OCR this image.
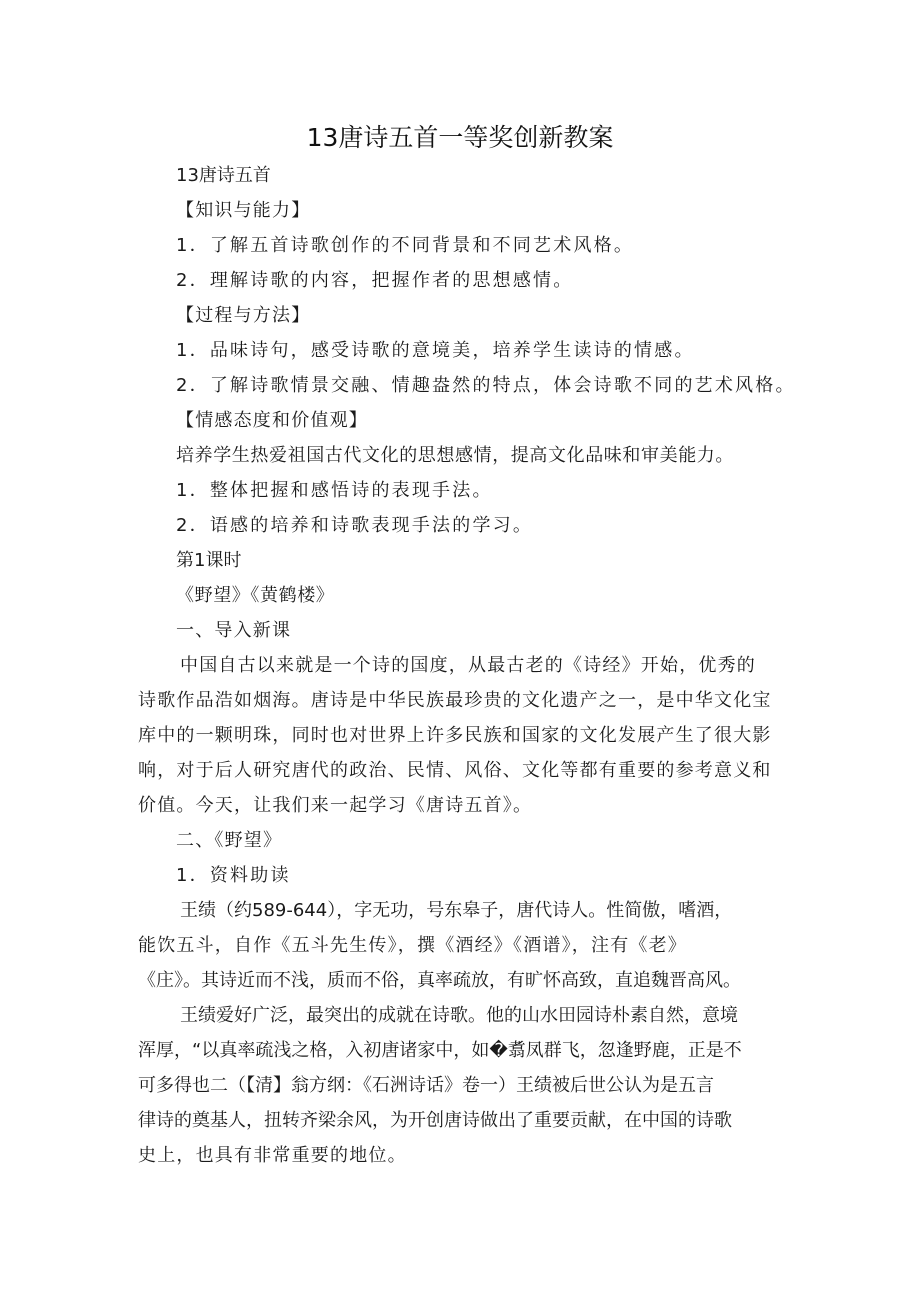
13唐诗五首一等奖创新教案
13唐诗五首
【知识与能力】
1．了解五首诗歌创作的不同背景和不同艺术风格。
2．理解诗歌的内容，把握作者的思想感情。
【过程与方法】
1．品味诗句，感受诗歌的意境美，培养学生读诗的情感。
2．了解诗歌情景交融、情趣盎然的特点，体会诗歌不同的艺术风格。
【情感态度和价值观】
培养学生热爱祖国古代文化的思想感情，提高文化品味和审美能力。
1．整体把握和感悟诗的表现手法。
2．语感的培养和诗歌表现手法的学习。
第1课时
《野望》《黄鹤楼》
一、导入新课
中国自古以来就是一个诗的国度，从最古老的《诗经》开始，优秀的
诗歌作品浩如烟海。唐诗是中华民族最珍贵的文化遗产之一，是中华文化宝
库中的一颗明珠，同时也对世界上许多民族和国家的文化发展产生了很大影
响，对于后人研究唐代的政治、民情、风俗、文化等都有重要的参考意义和
价值。今天，让我们来一起学习《唐诗五首》。
二、《野望》
1．资料助读
王绩（约589-644），字无功，号东皋子，唐代诗人。性简傲，嗜酒，
能饮五斗，自作《五斗先生传》，撰《酒经》《酒谱》，注有《老》
《庄》。其诗近而不浅，质而不俗，真率疏放，有旷怀高致，直追魏晋高风。
王绩爱好广泛，最突出的成就在诗歌。他的山水田园诗朴素自然，意境
浑厚，“以真率疏浅之格，入初唐诸家中，如�翥凤群飞，忽逢野鹿，正是不
可多得也二（【清】翁方纲：《石洲诗话》卷一）王绩被后世公认为是五言
律诗的奠基人，扭转齐梁余风，为开创唐诗做出了重要贡献，在中国的诗歌
史上，也具有非常重要的地位。
